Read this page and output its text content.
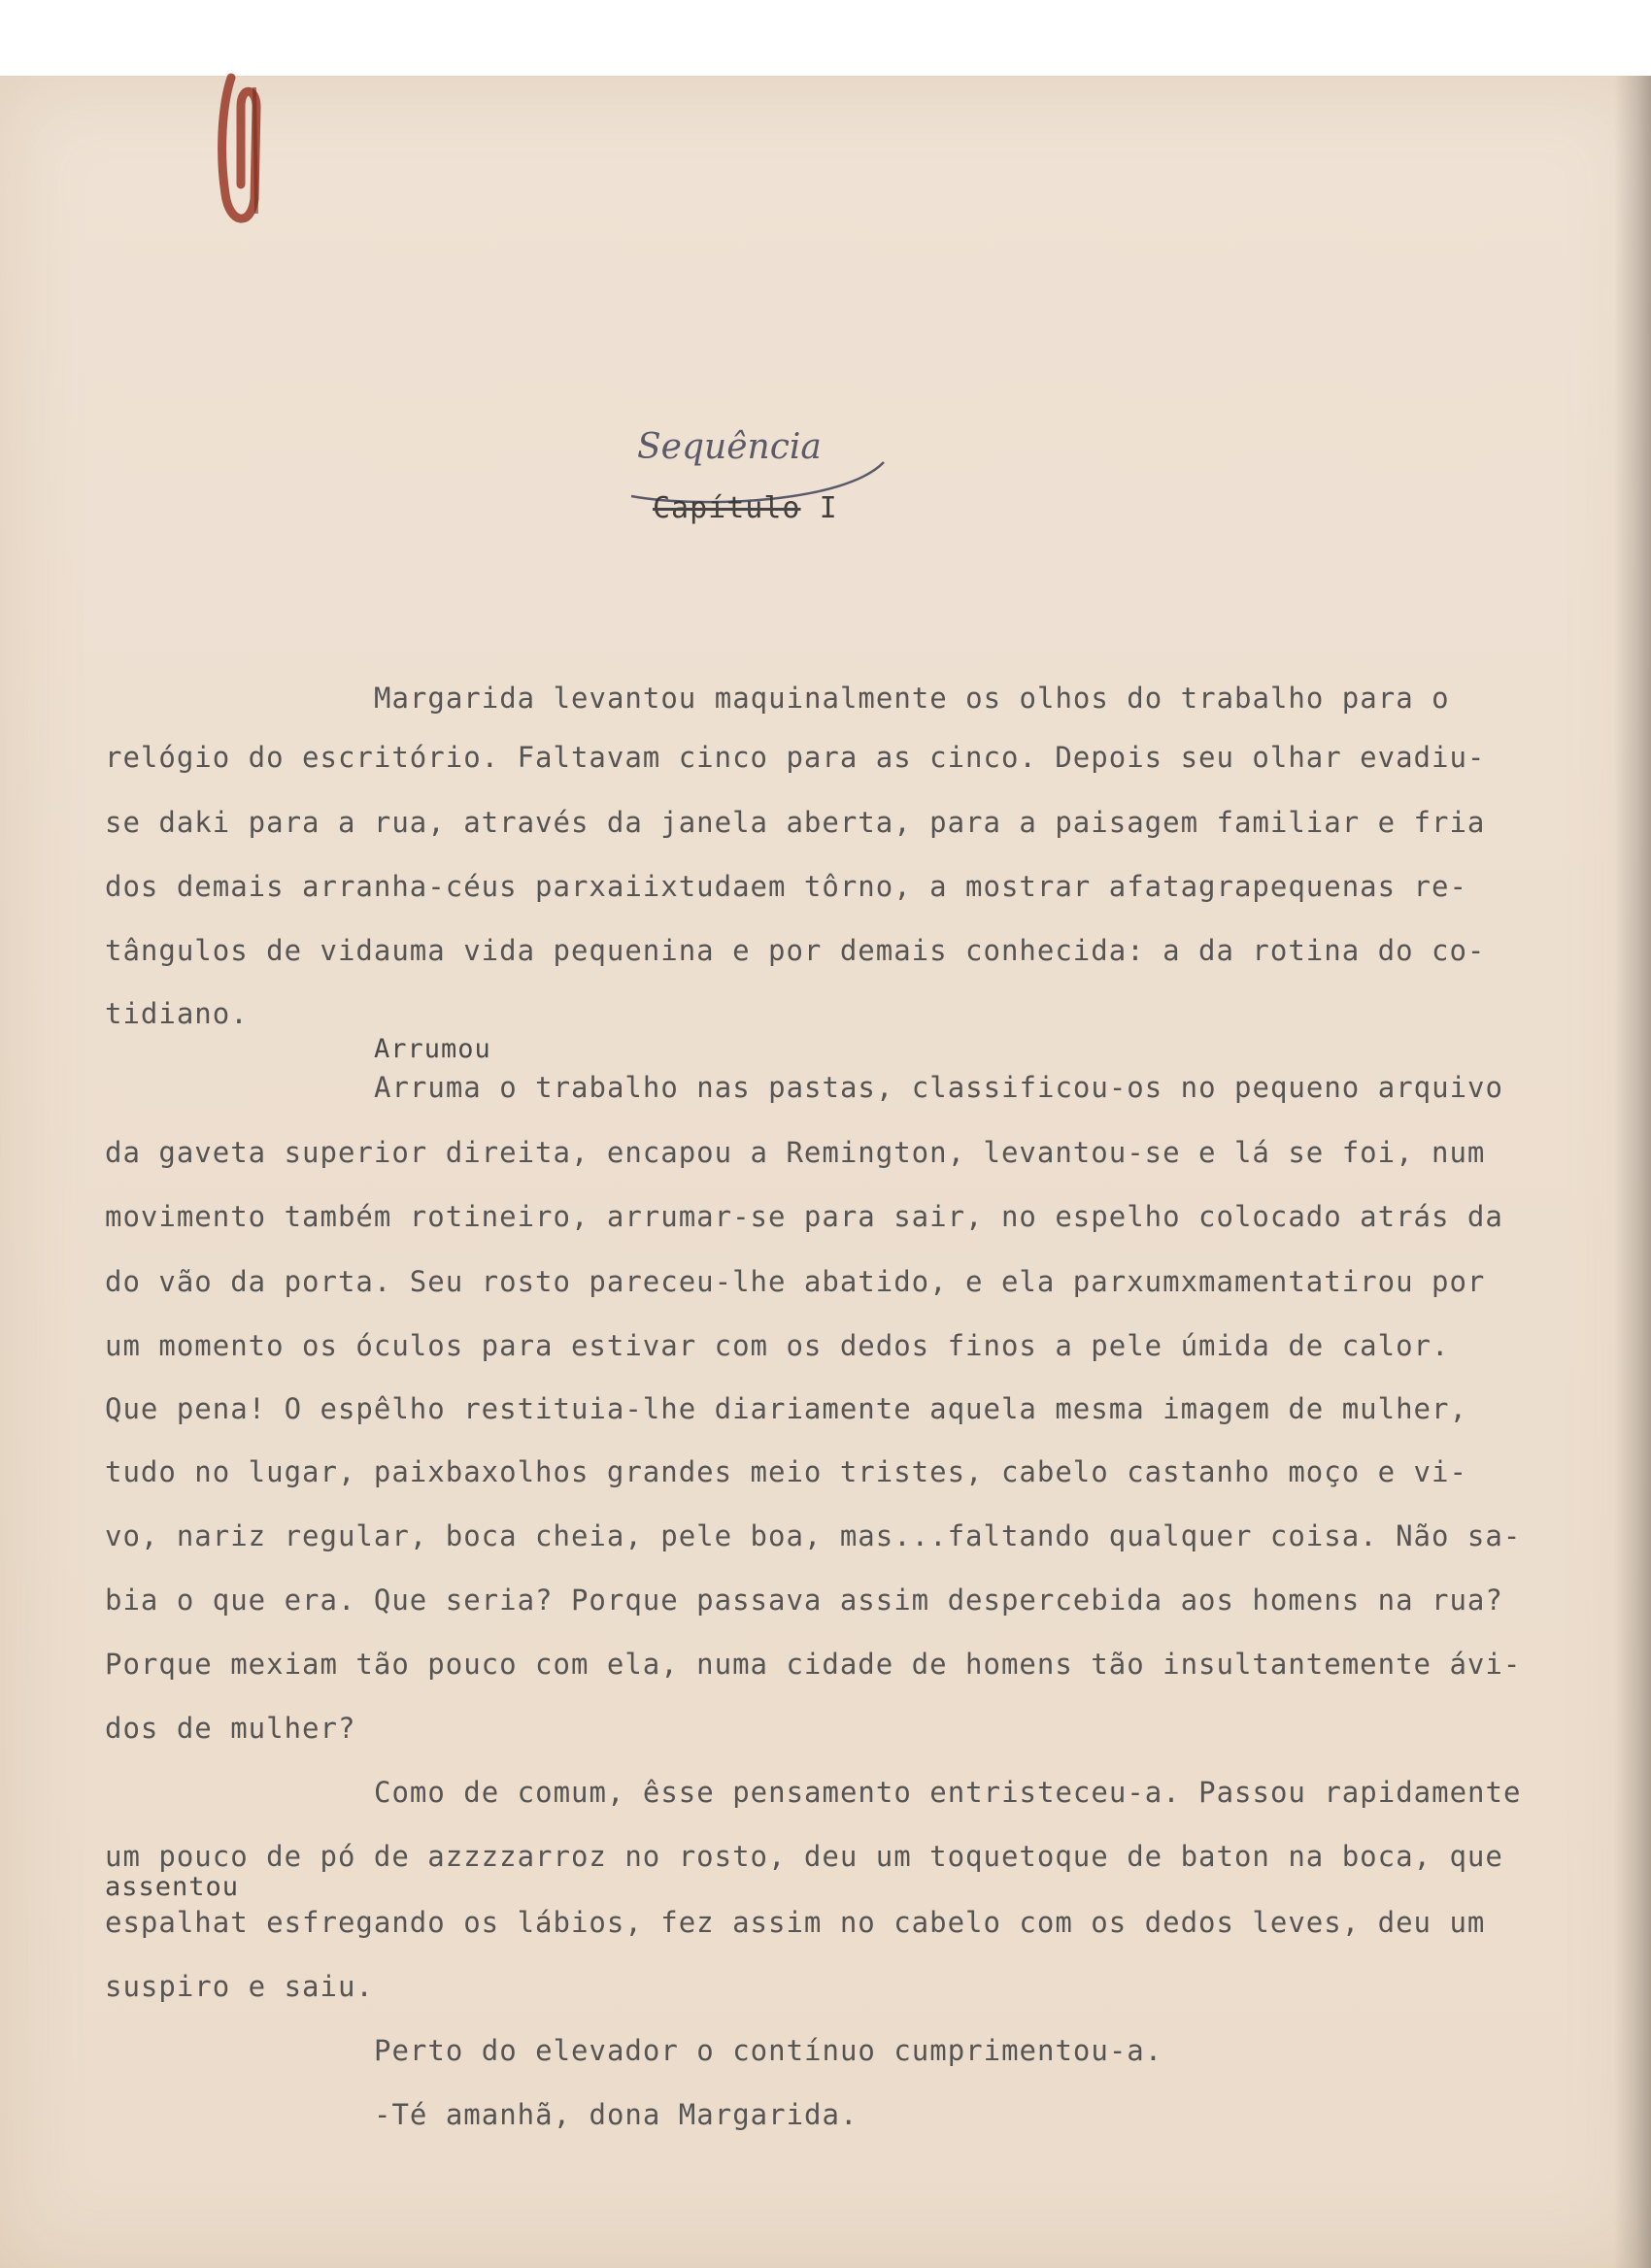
Sequência
Capítulo I
Margarida levantou maquinalmente os olhos do trabalho para o
relógio do escritório. Faltavam cinco para as cinco. Depois seu olhar evadiu-
se daki para a rua, através da janela aberta, para a paisagem familiar e fria
dos demais arranha-céus parxaiixtudaem tôrno, a mostrar afatagrapequenas re-
tângulos de vidauma vida pequenina e por demais conhecida: a da rotina do co-
tidiano.
Arrumou
Arruma o trabalho nas pastas, classificou-os no pequeno arquivo
da gaveta superior direita, encapou a Remington, levantou-se e lá se foi, num
movimento também rotineiro, arrumar-se para sair, no espelho colocado atrás da
do vão da porta. Seu rosto pareceu-lhe abatido, e ela parxumxmamentatirou por
um momento os óculos para estivar com os dedos finos a pele úmida de calor.
Que pena! O espêlho restituia-lhe diariamente aquela mesma imagem de mulher,
tudo no lugar, paixbaxolhos grandes meio tristes, cabelo castanho moço e vi-
vo, nariz regular, boca cheia, pele boa, mas...faltando qualquer coisa. Não sa-
bia o que era. Que seria? Porque passava assim despercebida aos homens na rua?
Porque mexiam tão pouco com ela, numa cidade de homens tão insultantemente ávi-
dos de mulher?
Como de comum, êsse pensamento entristeceu-a. Passou rapidamente
um pouco de pó de azzzzarroz no rosto, deu um toquetoque de baton na boca, que
assentou
espalhat esfregando os lábios, fez assim no cabelo com os dedos leves, deu um
suspiro e saiu.
Perto do elevador o contínuo cumprimentou-a.
-Té amanhã, dona Margarida.
